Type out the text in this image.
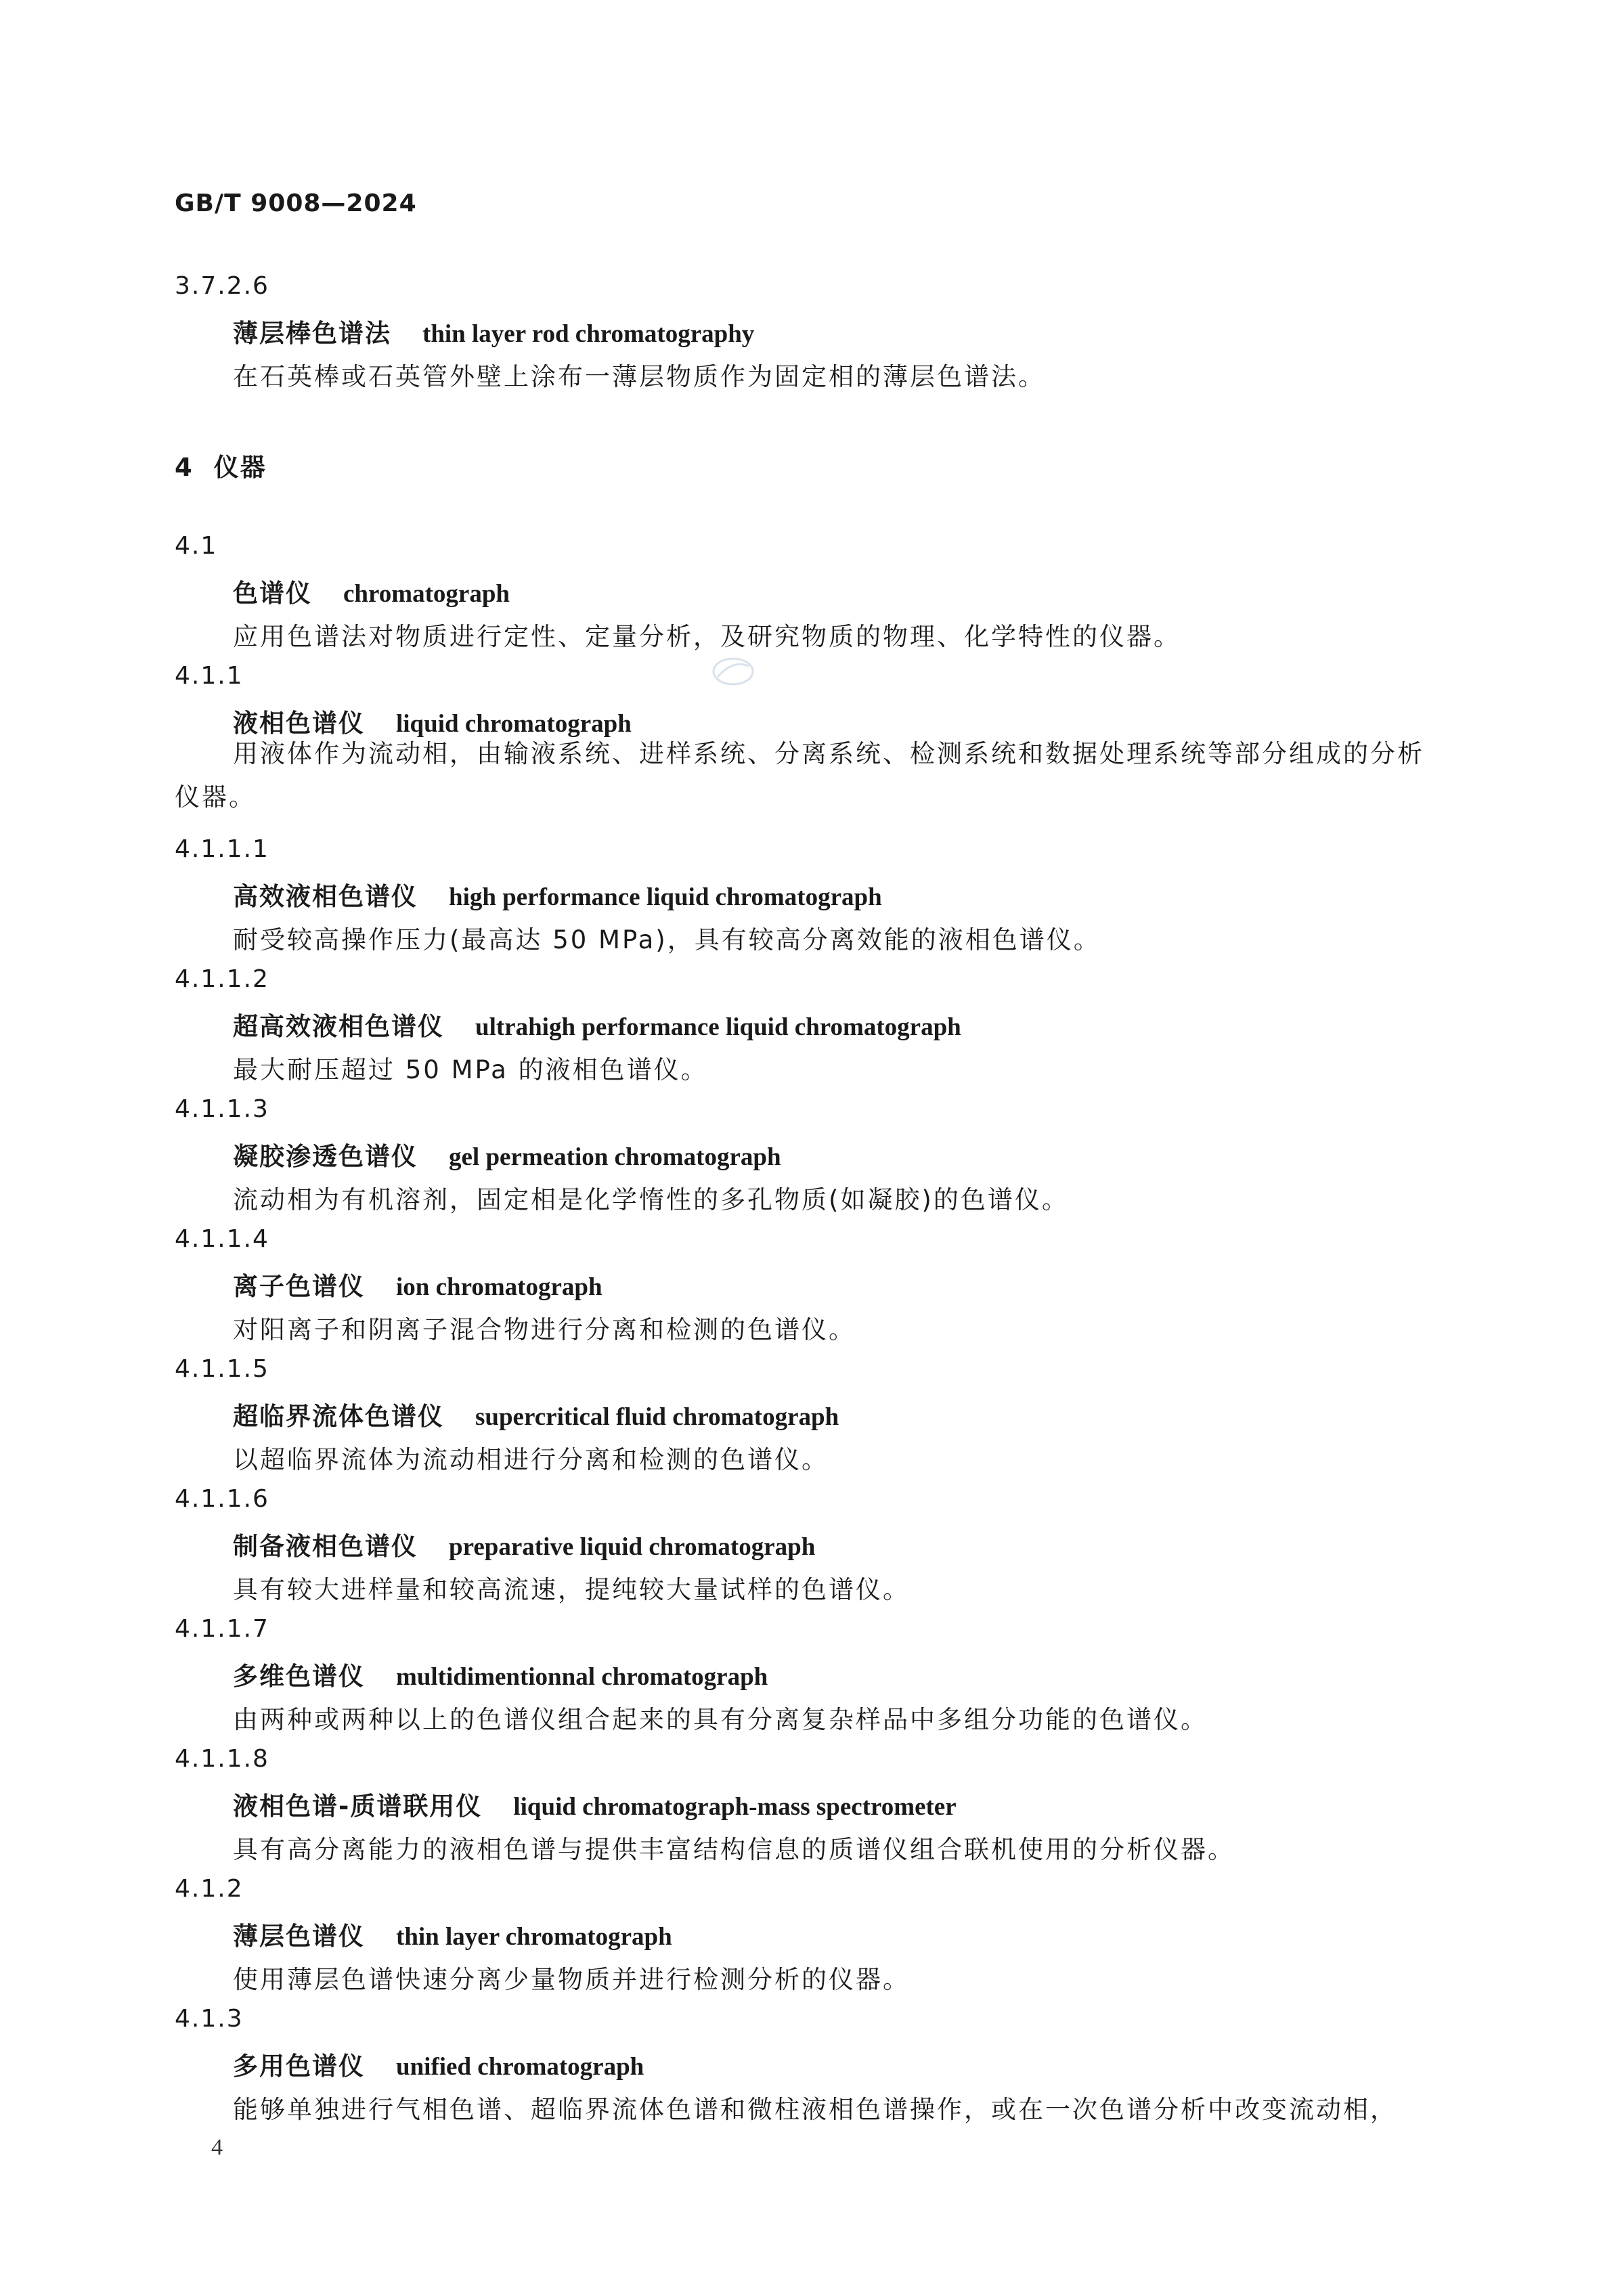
GB/T 9008—2024
3.7.2.6
薄层棒色谱法 thin layer rod chromatography
在石英棒或石英管外壁上涂布一薄层物质作为固定相的薄层色谱法。
4 仪器
4.1
色谱仪 chromatograph
应用色谱法对物质进行定性、定量分析，及研究物质的物理、化学特性的仪器。
4.1.1
液相色谱仪 liquid chromatograph
用液体作为流动相，由输液系统、进样系统、分离系统、检测系统和数据处理系统等部分组成的分析仪器。
4.1.1.1
高效液相色谱仪 high performance liquid chromatograph
耐受较高操作压力(最高达 50 MPa)，具有较高分离效能的液相色谱仪。
4.1.1.2
超高效液相色谱仪 ultrahigh performance liquid chromatograph
最大耐压超过 50 MPa 的液相色谱仪。
4.1.1.3
凝胶渗透色谱仪 gel permeation chromatograph
流动相为有机溶剂，固定相是化学惰性的多孔物质(如凝胶)的色谱仪。
4.1.1.4
离子色谱仪 ion chromatograph
对阳离子和阴离子混合物进行分离和检测的色谱仪。
4.1.1.5
超临界流体色谱仪 supercritical fluid chromatograph
以超临界流体为流动相进行分离和检测的色谱仪。
4.1.1.6
制备液相色谱仪 preparative liquid chromatograph
具有较大进样量和较高流速，提纯较大量试样的色谱仪。
4.1.1.7
多维色谱仪 multidimentionnal chromatograph
由两种或两种以上的色谱仪组合起来的具有分离复杂样品中多组分功能的色谱仪。
4.1.1.8
液相色谱-质谱联用仪 liquid chromatograph-mass spectrometer
具有高分离能力的液相色谱与提供丰富结构信息的质谱仪组合联机使用的分析仪器。
4.1.2
薄层色谱仪 thin layer chromatograph
使用薄层色谱快速分离少量物质并进行检测分析的仪器。
4.1.3
多用色谱仪 unified chromatograph
能够单独进行气相色谱、超临界流体色谱和微柱液相色谱操作，或在一次色谱分析中改变流动相，
4
